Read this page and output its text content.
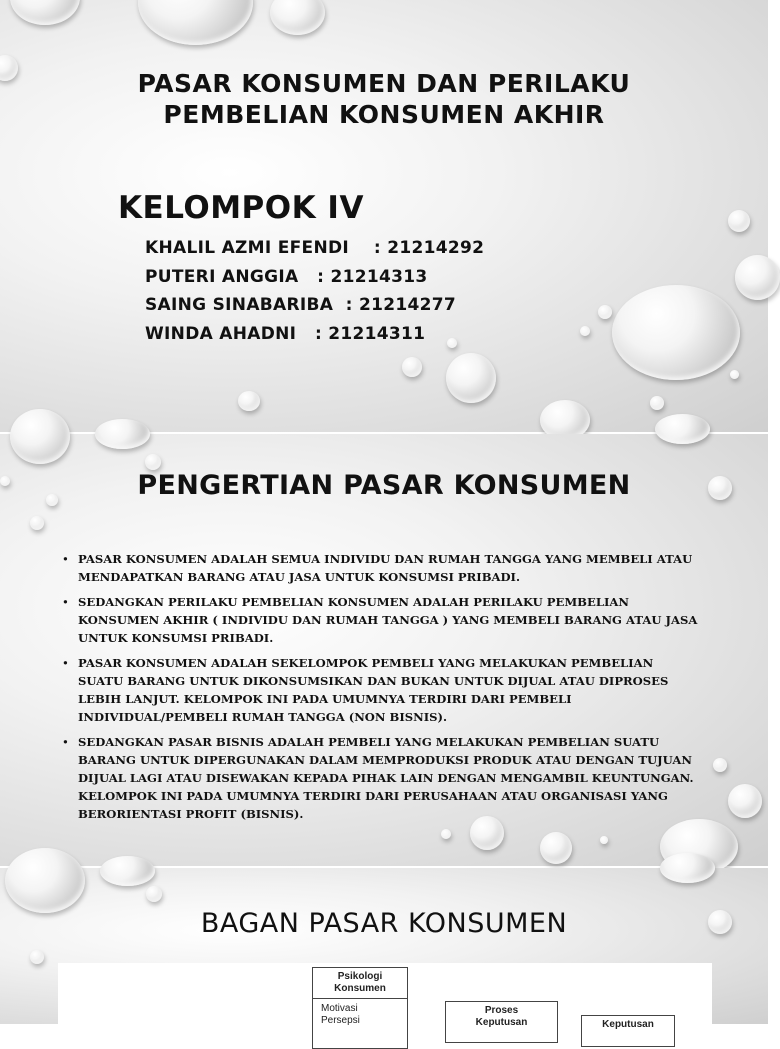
PASAR KONSUMEN DAN PERILAKU
PEMBELIAN KONSUMEN AKHIR
KELOMPOK IV
KHALIL AZMI EFENDI    : 21214292
PUTERI ANGGIA   : 21214313
SAING SINABARIBA  : 21214277
WINDA AHADNI   : 21214311
PENGERTIAN PASAR KONSUMEN
• PASAR KONSUMEN ADALAH SEMUA INDIVIDU DAN RUMAH TANGGA YANG MEMBELI ATAU MENDAPATKAN BARANG ATAU JASA UNTUK KONSUMSI PRIBADI.
• SEDANGKAN PERILAKU PEMBELIAN KONSUMEN ADALAH PERILAKU PEMBELIAN KONSUMEN AKHIR ( INDIVIDU DAN RUMAH TANGGA ) YANG MEMBELI BARANG ATAU JASA UNTUK KONSUMSI PRIBADI.
• PASAR KONSUMEN ADALAH SEKELOMPOK PEMBELI YANG MELAKUKAN PEMBELIAN SUATU BARANG UNTUK DIKONSUMSIKAN DAN BUKAN UNTUK DIJUAL ATAU DIPROSES LEBIH LANJUT. KELOMPOK INI PADA UMUMNYA TERDIRI DARI PEMBELI INDIVIDUAL/PEMBELI RUMAH TANGGA (NON BISNIS).
• SEDANGKAN PASAR BISNIS ADALAH PEMBELI YANG MELAKUKAN PEMBELIAN SUATU BARANG UNTUK DIPERGUNAKAN DALAM MEMPRODUKSI PRODUK ATAU DENGAN TUJUAN DIJUAL LAGI ATAU DISEWAKAN KEPADA PIHAK LAIN DENGAN MENGAMBIL KEUNTUNGAN. KELOMPOK INI PADA UMUMNYA TERDIRI DARI PERUSAHAAN ATAU ORGANISASI YANG BERORIENTASI PROFIT (BISNIS).
BAGAN PASAR KONSUMEN
Psikologi Konsumen
Motivasi
Persepsi
Proses Keputusan	Keputusan
